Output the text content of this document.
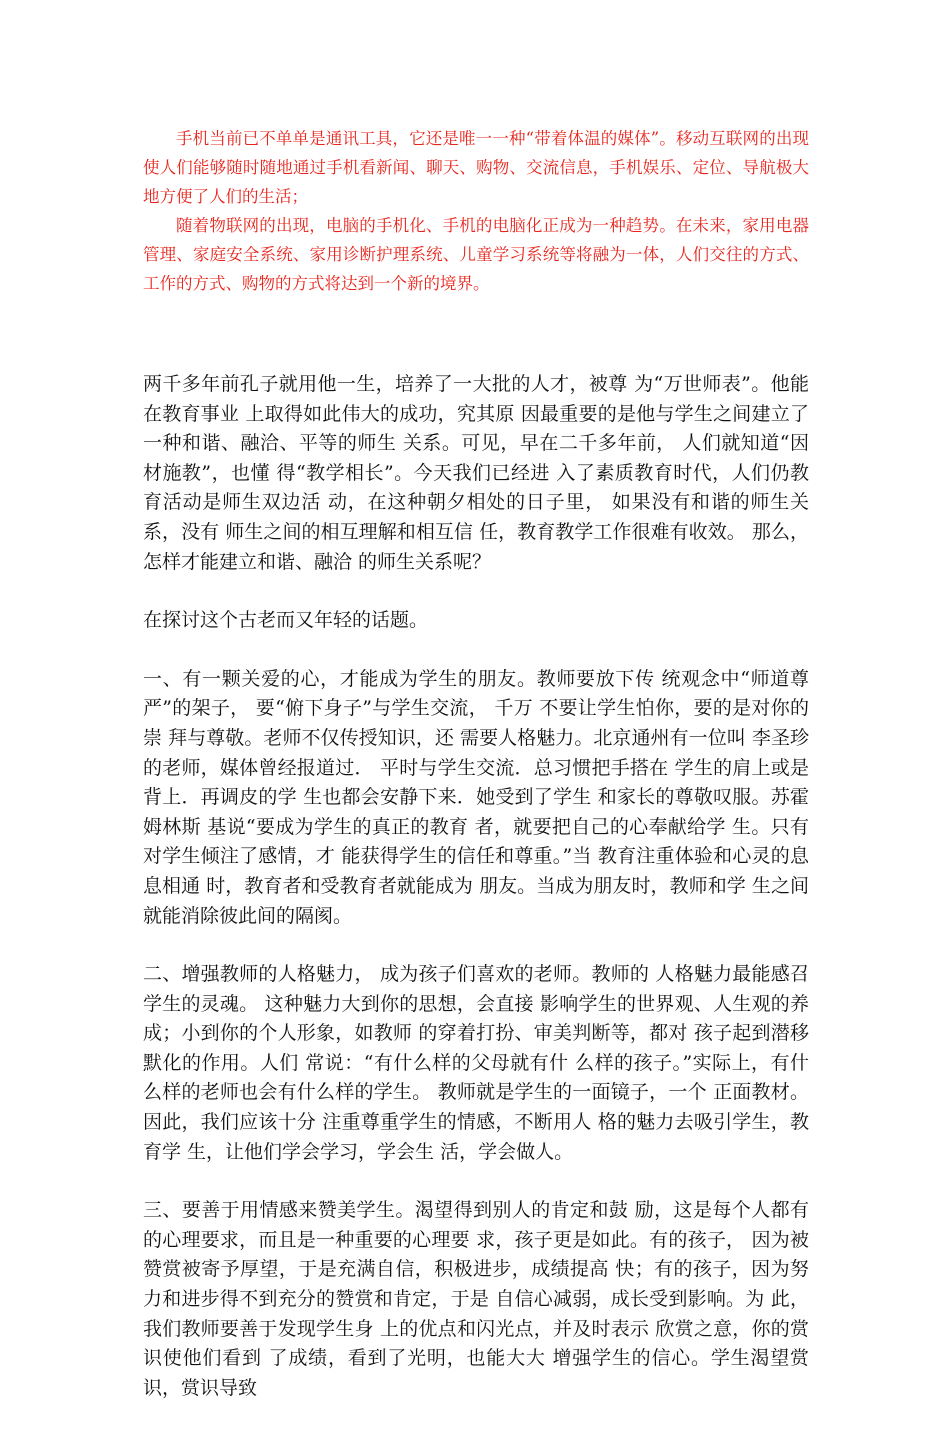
手机当前已不单单是通讯工具，它还是唯一一种“带着体温的媒体”。移动互联网的出现使人们能够随时随地通过手机看新闻、聊天、购物、交流信息，手机娱乐、定位、导航极大地方便了人们的生活；

随着物联网的出现，电脑的手机化、手机的电脑化正成为一种趋势。在未来，家用电器管理、家庭安全系统、家用诊断护理系统、儿童学习系统等将融为一体，人们交往的方式、工作的方式、购物的方式将达到一个新的境界。

两千多年前孔子就用他一生，培养了一大批的人才，被尊 为“万世师表”。他能在教育事业 上取得如此伟大的成功，究其原 因最重要的是他与学生之间建立了一种和谐、融洽、平等的师生 关系。可见，早在二千多年前， 人们就知道“因材施教”，也懂 得“教学相长”。今天我们已经进 入了素质教育时代，人们仍教育活动是师生双边活 动，在这种朝夕相处的日子里， 如果没有和谐的师生关系，没有 师生之间的相互理解和相互信 任，教育教学工作很难有收效。 那么，怎样才能建立和谐、融洽 的师生关系呢？

在探讨这个古老而又年轻的话题。

一、有一颗关爱的心，才能成为学生的朋友。教师要放下传 统观念中“师道尊严”的架子， 要“俯下身子”与学生交流， 千万 不要让学生怕你，要的是对你的崇 拜与尊敬。老师不仅传授知识，还 需要人格魅力。北京通州有一位叫 李圣珍的老师，媒体曾经报道过． 平时与学生交流．总习惯把手搭在 学生的肩上或是背上．再调皮的学 生也都会安静下来．她受到了学生 和家长的尊敬叹服。苏霍姆林斯 基说“要成为学生的真正的教育 者，就要把自己的心奉献给学 生。只有对学生倾注了感情，才 能获得学生的信任和尊重。”当 教育注重体验和心灵的息息相通 时，教育者和受教育者就能成为 朋友。当成为朋友时，教师和学 生之间就能消除彼此间的隔阂。

二、增强教师的人格魅力， 成为孩子们喜欢的老师。教师的 人格魅力最能感召学生的灵魂。 这种魅力大到你的思想，会直接 影响学生的世界观、人生观的养成；小到你的个人形象，如教师 的穿着打扮、审美判断等，都对 孩子起到潜移默化的作用。人们 常说：“有什么样的父母就有什 么样的孩子。”实际上，有什么样的老师也会有什么样的学生。 教师就是学生的一面镜子，一个 正面教材。因此，我们应该十分 注重尊重学生的情感，不断用人 格的魅力去吸引学生，教育学 生，让他们学会学习，学会生 活，学会做人。

三、要善于用情感来赞美学生。渴望得到别人的肯定和鼓 励，这是每个人都有的心理要求，而且是一种重要的心理要 求，孩子更是如此。有的孩子， 因为被赞赏被寄予厚望，于是充满自信，积极进步，成绩提高 快；有的孩子，因为努力和进步得不到充分的赞赏和肯定，于是 自信心减弱，成长受到影响。为 此，我们教师要善于发现学生身 上的优点和闪光点，并及时表示 欣赏之意，你的赏识使他们看到 了成绩，看到了光明，也能大大 增强学生的信心。学生渴望赏 识，赏识导致
